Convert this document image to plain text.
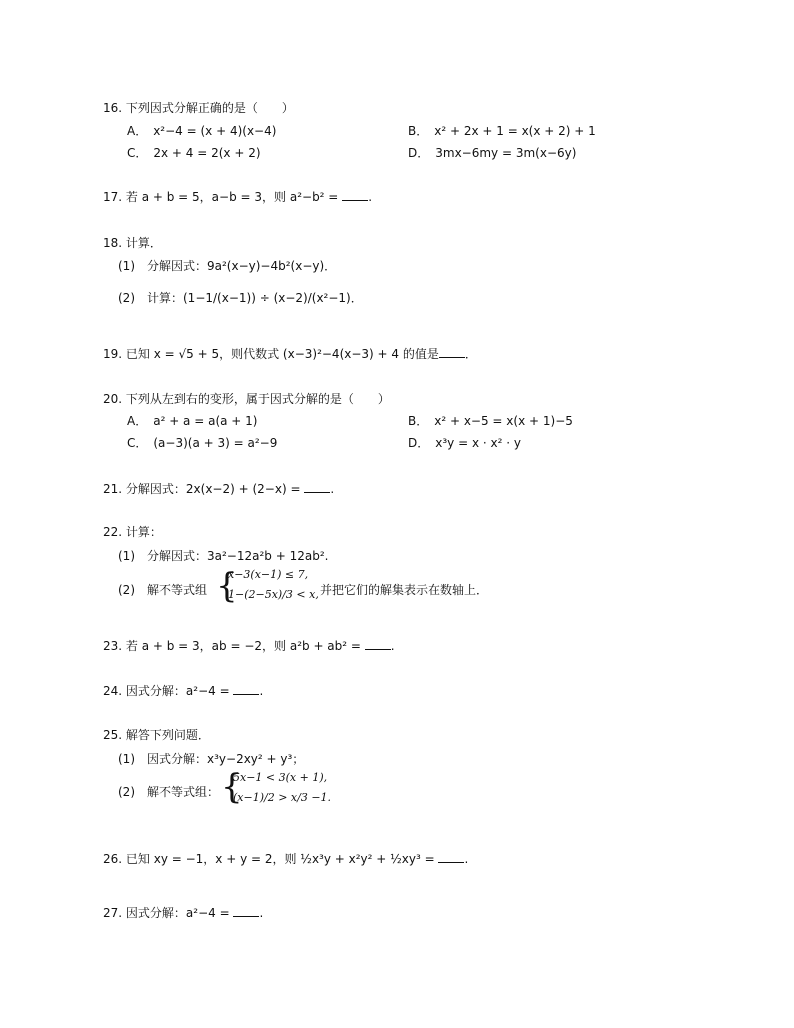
16. 下列因式分解正确的是（　　）
A．　x²−4 = (x + 4)(x−4)	B．　x² + 2x + 1 = x(x + 2) + 1
C．　2x + 4 = 2(x + 2)	D．　3mx−6my = 3m(x−6y)
17. 若 a + b = 5，a−b = 3，则 a²−b² = .
18. 计算．
(1)　分解因式：9a²(x−y)−4b²(x−y)．
(2)　计算：(1−1/(x−1)) ÷ (x−2)/(x²−1)．
19. 已知 x = √5 + 5，则代数式 (x−3)²−4(x−3) + 4 的值是 ．
20. 下列从左到右的变形，属于因式分解的是（　　）
A．　a² + a = a(a + 1)	B．　x² + x−5 = x(x + 1)−5
C．　(a−3)(a + 3) = a²−9	D．　x³y = x · x² · y
21. 分解因式：2x(x−2) + (2−x) = .
22. 计算：
(1)　分解因式：3a²−12a²b + 12ab².
(2)　解不等式组 {
x−3(x−1) ≤ 7,
1−(2−5x)/3 < x, 并把它们的解集表示在数轴上．
23. 若 a + b = 3，ab = −2，则 a²b + ab² = .
24. 因式分解：a²−4 = .
25. 解答下列问题．
(1)　因式分解：x³y−2xy² + y³；
(2)　解不等式组： {
5x−1 < 3(x + 1),
(x−1)/2 > x/3 −1.
26. 已知 xy = −1，x + y = 2，则 ½x³y + x²y² + ½xy³ = .
27. 因式分解：a²−4 = .
